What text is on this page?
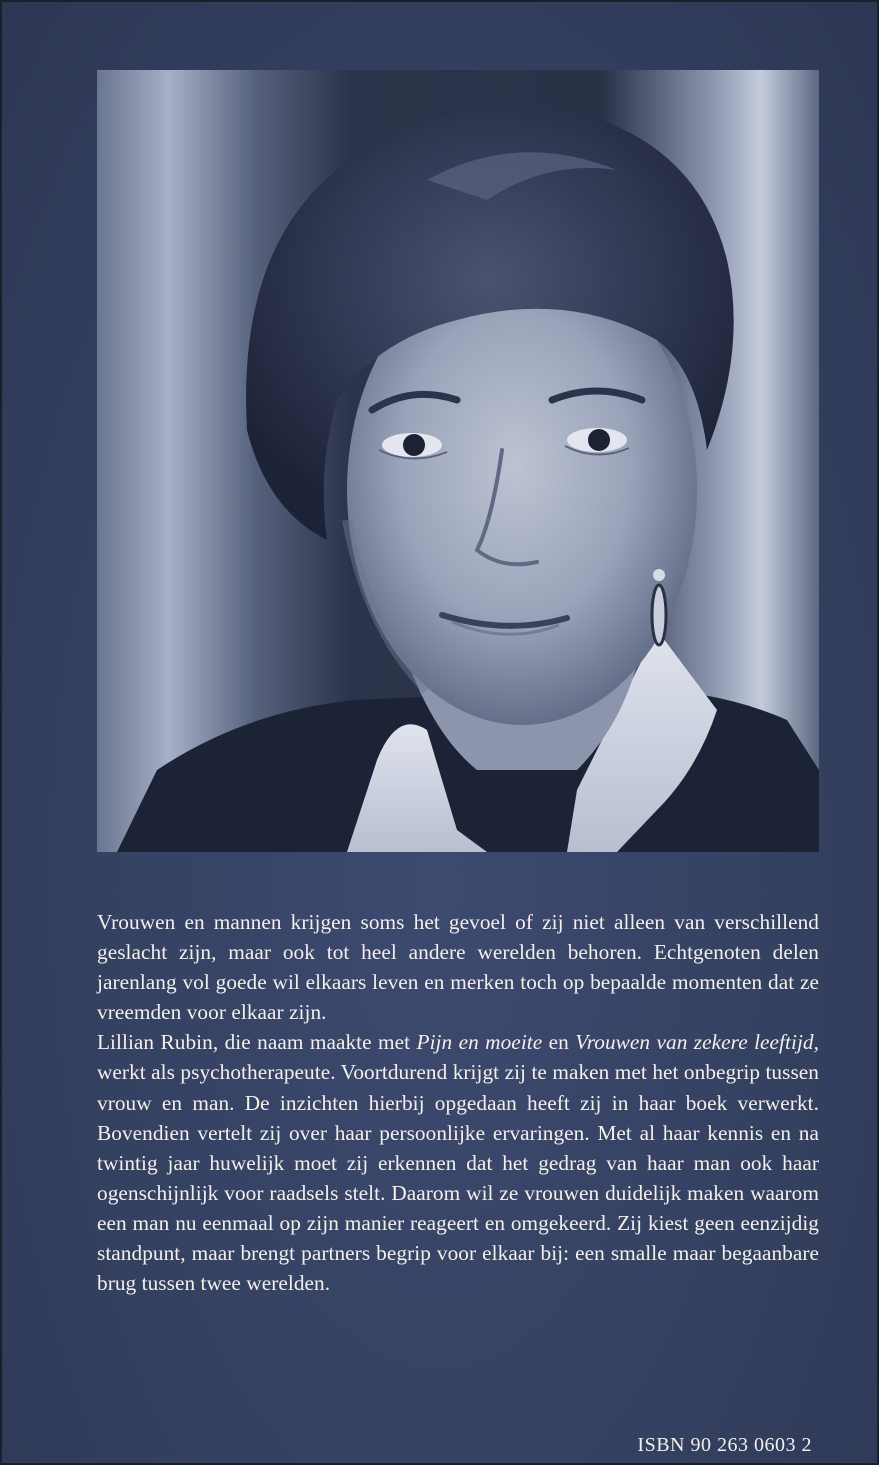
Vrouwen en mannen krijgen soms het gevoel of zij niet alleen van verschillend geslacht zijn, maar ook tot heel andere werelden behoren. Echtgenoten delen jarenlang vol goede wil elkaars leven en merken toch op bepaalde momenten dat ze vreemden voor elkaar zijn.

Lillian Rubin, die naam maakte met Pijn en moeite en Vrouwen van zekere leeftijd, werkt als psychotherapeute. Voortdurend krijgt zij te maken met het onbegrip tussen vrouw en man. De inzichten hierbij opgedaan heeft zij in haar boek verwerkt. Bovendien vertelt zij over haar persoonlijke ervaringen. Met al haar kennis en na twintig jaar huwelijk moet zij erkennen dat het gedrag van haar man ook haar ogenschijnlijk voor raadsels stelt. Daarom wil ze vrouwen duidelijk maken waarom een man nu eenmaal op zijn manier reageert en omgekeerd. Zij kiest geen eenzijdig standpunt, maar brengt partners begrip voor elkaar bij: een smalle maar begaanbare brug tussen twee werelden.

ISBN 90 263 0603 2
